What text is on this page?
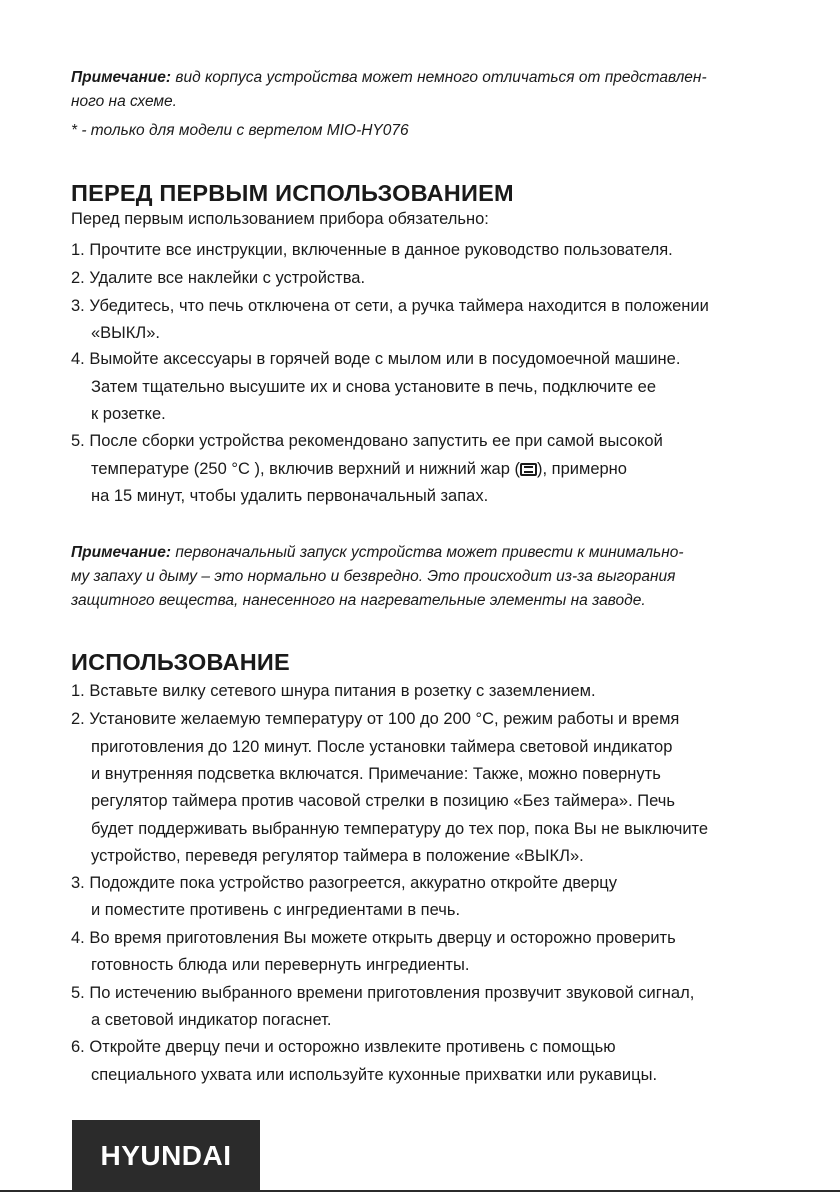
Примечание: вид корпуса устройства может немного отличаться от представлен-
ного на схеме.
* - только для модели с вертелом MIO-HY076
ПЕРЕД ПЕРВЫМ ИСПОЛЬЗОВАНИЕМ
Перед первым использованием прибора обязательно:
1. Прочтите все инструкции, включенные в данное руководство пользователя.
2. Удалите все наклейки с устройства.
3. Убедитесь, что печь отключена от сети, а ручка таймера находится в положении
«ВЫКЛ».
4. Вымойте аксессуары в горячей воде с мылом или в посудомоечной машине.
Затем тщательно высушите их и снова установите в печь, подключите ее
к розетке.
5. После сборки устройства рекомендовано запустить ее при самой высокой
температуре (250 °С ), включив верхний и нижний жар ( ), примерно
на 15 минут, чтобы удалить первоначальный запах.
Примечание: первоначальный запуск устройства может привести к минимально-
му запаху и дыму – это нормально и безвредно. Это происходит из-за выгорания
защитного вещества, нанесенного на нагревательные элементы на заводе.
ИСПОЛЬЗОВАНИЕ
1. Вставьте вилку сетевого шнура питания в розетку с заземлением.
2. Установите желаемую температуру от 100 до 200 °С, режим работы и время
приготовления до 120 минут. После установки таймера световой индикатор
и внутренняя подсветка включатся. Примечание: Также, можно повернуть
регулятор таймера против часовой стрелки в позицию «Без таймера». Печь
будет поддерживать выбранную температуру до тех пор, пока Вы не выключите
устройство, переведя регулятор таймера в положение «ВЫКЛ».
3. Подождите пока устройство разогреется, аккуратно откройте дверцу
и поместите противень с ингредиентами в печь.
4. Во время приготовления Вы можете открыть дверцу и осторожно проверить
готовность блюда или перевернуть ингредиенты.
5. По истечению выбранного времени приготовления прозвучит звуковой сигнал,
а световой индикатор погаснет.
6. Откройте дверцу печи и осторожно извлеките противень с помощью
специального ухвата или используйте кухонные прихватки или рукавицы.
HYUNDAI
